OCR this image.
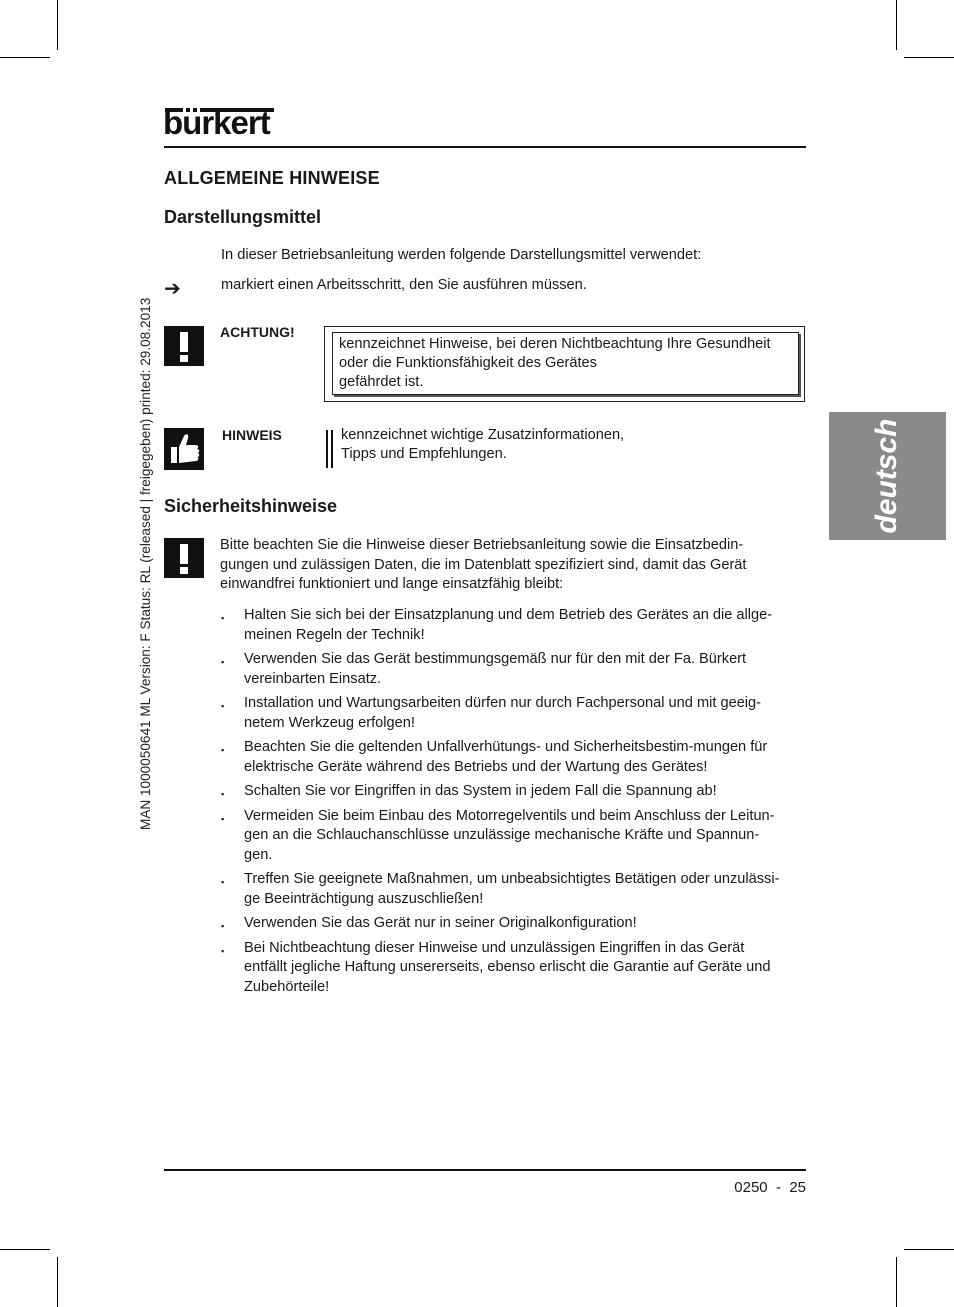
burkert
MAN 1000050641 ML Version: F Status: RL (released | freigegeben) printed: 29.08.2013	deutsch
ALLGEMEINE HINWEISE
Darstellungsmittel
In dieser Betriebsanleitung werden folgende Darstellungsmittel verwendet:
➔	markiert einen Arbeitsschritt, den Sie ausführen müssen.
ACHTUNG!
kennzeichnet Hinweise, bei deren Nichtbeachtung Ihre Gesundheit
oder die Funktionsfähigkeit des Gerätes
gefährdet ist.
HINWEIS	kennzeichnet wichtige Zusatzinformationen,
Tipps und Empfehlungen.
Sicherheitshinweise
Bitte beachten Sie die Hinweise dieser Betriebsanleitung sowie die Einsatzbedin-
gungen und zulässigen Daten, die im Datenblatt spezifiziert sind, damit das Gerät
einwandfrei funktioniert und lange einsatzfähig bleibt:
▪ Halten Sie sich bei der Einsatzplanung und dem Betrieb des Gerätes an die allge-
meinen Regeln der Technik!
▪ Verwenden Sie das Gerät bestimmungsgemäß nur für den mit der Fa. Bürkert
vereinbarten Einsatz.
▪ Installation und Wartungsarbeiten dürfen nur durch Fachpersonal und mit geeig-
netem Werkzeug erfolgen!
▪ Beachten Sie die geltenden Unfallverhütungs- und Sicherheitsbestim-mungen für
elektrische Geräte während des Betriebs und der Wartung des Gerätes!
▪ Schalten Sie vor Eingriffen in das System in jedem Fall die Spannung ab!
▪ Vermeiden Sie beim Einbau des Motorregelventils und beim Anschluss der Leitun-
gen an die Schlauchanschlüsse unzulässige mechanische Kräfte und Spannun-
gen.
▪ Treffen Sie geeignete Maßnahmen, um unbeabsichtigtes Betätigen oder unzulässi-
ge Beeinträchtigung auszuschließen!
▪ Verwenden Sie das Gerät nur in seiner Originalkonfiguration!
▪ Bei Nichtbeachtung dieser Hinweise und unzulässigen Eingriffen in das Gerät
entfällt jegliche Haftung unsererseits, ebenso erlischt die Garantie auf Geräte und
Zubehörteile!
0250  -  25
